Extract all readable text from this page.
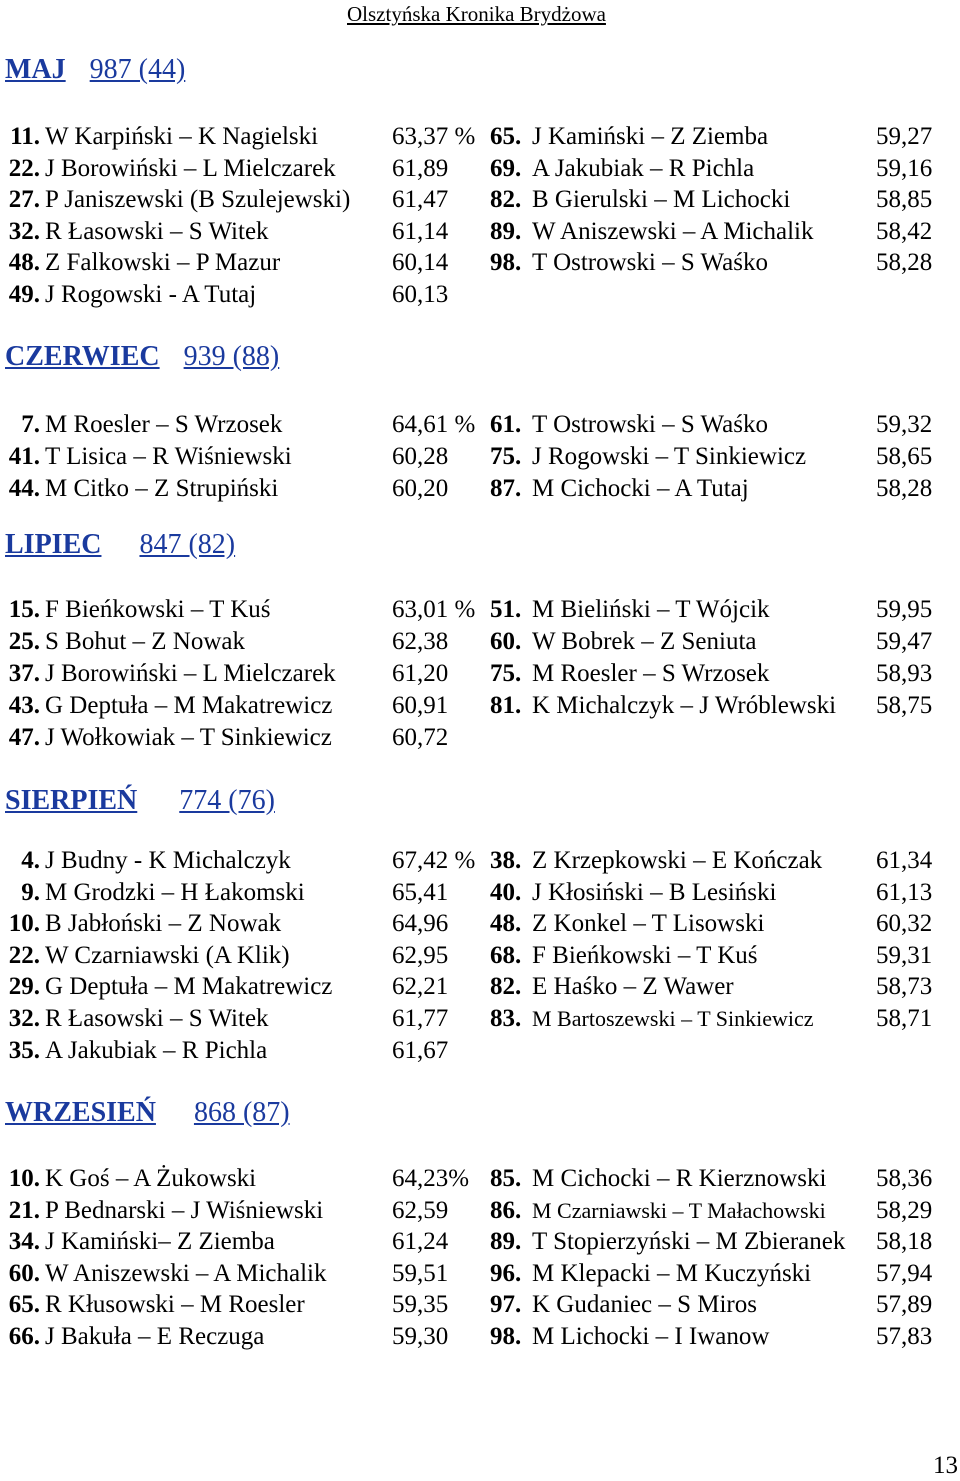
Olsztyńska Kronika Brydżowa
MAJ 987 (44)
11. W Karpiński – K Nagielski	63,37 % 65. J Kamiński – Z Ziemba	59,27
22. J Borowiński – L Mielczarek 61,89 69. A Jakubiak – R Pichla	59,16
27. P Janiszewski (B Szulejewski) 61,47 82. B Gierulski – M Lichocki	58,85
32. R Łasowski – S Witek	61,14 89. W Aniszewski – A Michalik	58,42
48. Z Falkowski – P Mazur	60,14 98. T Ostrowski – S Waśko	58,28
49. J Rogowski - A Tutaj	60,13
CZERWIEC 939 (88)
7. M Roesler – S Wrzosek	64,61 % 61. T Ostrowski – S Waśko	59,32
41. T Lisica – R Wiśniewski	60,28 75. J Rogowski – T Sinkiewicz	58,65
44. M Citko – Z Strupiński	60,20 87. M Cichocki – A Tutaj	58,28
LIPIEC 847 (82)
15. F Bieńkowski – T Kuś	63,01 % 51. M Bieliński – T Wójcik	59,95
25. S Bohut – Z Nowak	62,38 60. W Bobrek – Z Seniuta	59,47
37. J Borowiński – L Mielczarek 61,20 75. M Roesler – S Wrzosek	58,93
43. G Deptuła – M Makatrewicz 60,91 81. K Michalczyk – J Wróblewski 58,75
47. J Wołkowiak – T Sinkiewicz 60,72
SIERPIEŃ 774 (76)
4. J Budny - K Michalczyk	67,42 % 38. Z Krzepkowski – E Kończak 61,34
9. M Grodzki – H Łakomski	65,41 40. J Kłosiński – B Lesiński	61,13
10. B Jabłoński – Z Nowak	64,96 48. Z Konkel – T Lisowski	60,32
22. W Czarniawski (A Klik)	62,95 68. F Bieńkowski – T Kuś	59,31
29. G Deptuła – M Makatrewicz 62,21 82. E Haśko – Z Wawer	58,73
32. R Łasowski – S Witek	61,77 83. M Bartoszewski – T Sinkiewicz	58,71
35. A Jakubiak – R Pichla	61,67
WRZESIEŃ 868 (87)
10. K Goś – A Żukowski	64,23% 85. M Cichocki – R Kierznowski 58,36
21. P Bednarski – J Wiśniewski	62,59 86. M Czarniawski – T Małachowski 58,29
34. J Kamiński– Z Ziemba	61,24 89. T Stopierzyński – M Zbieranek 58,18
60. W Aniszewski – A Michalik	59,51 96. M Klepacki – M Kuczyński	57,94
65. R Kłusowski – M Roesler	59,35 97. K Gudaniec – S Miros	57,89
66. J Bakuła – E Reczuga	59,30 98. M Lichocki – I Iwanow	57,83
13
